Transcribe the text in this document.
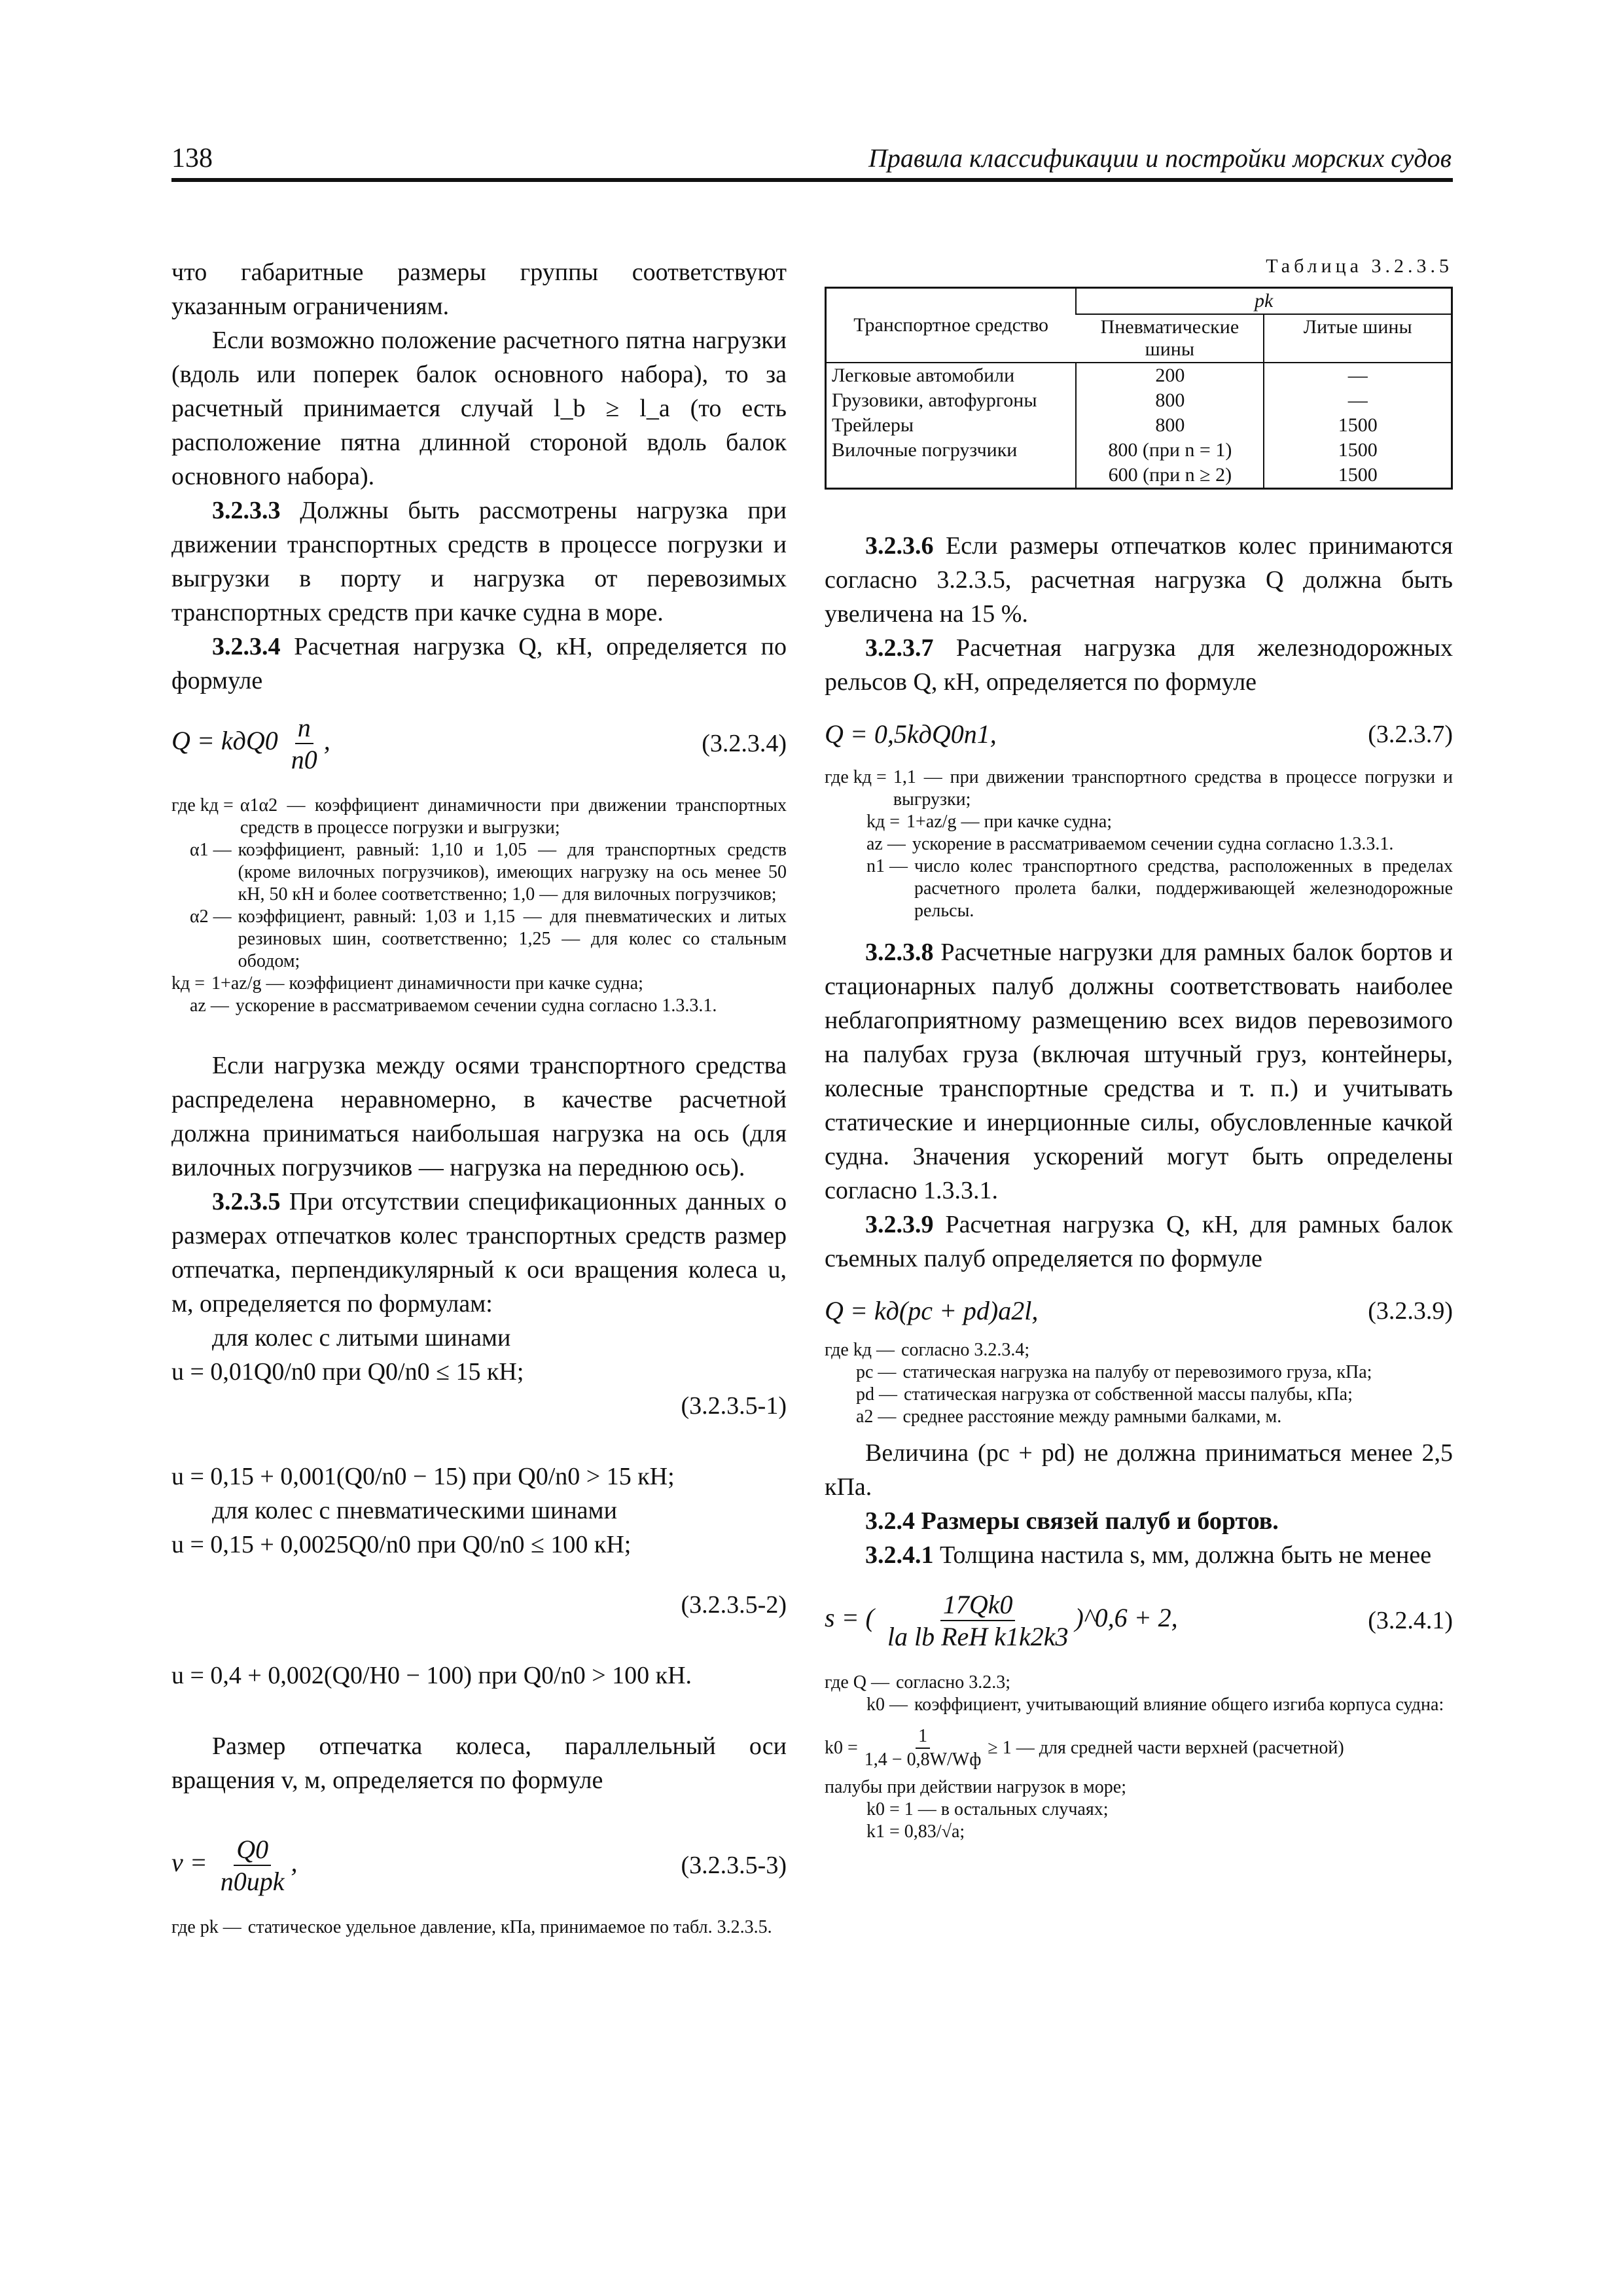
138	Правила классификации и постройки морских судов

что габаритные размеры группы соответствуют указанным ограничениям.

Если возможно положение расчетного пятна нагрузки (вдоль или поперек балок основного набора), то за расчетный принимается случай l_b ≥ l_a (то есть расположение пятна длинной стороной вдоль балок основного набора).

3.2.3.3 Должны быть рассмотрены нагрузка при движении транспортных средств в процессе погрузки и выгрузки в порту и нагрузка от перевозимых транспортных средств при качке судна в море.

3.2.3.4 Расчетная нагрузка Q, кН, определяется по формуле

$Q = kдQ0 \frac{n}{n0}$ ,	(3.2.3.4)
где kд = α1α2 — коэффициент динамичности при движении транспортных средств в процессе погрузки и выгрузки;
α1 — коэффициент, равный: 1,10 и 1,05 — для транспортных средств (кроме вилочных погрузчиков), имеющих нагрузку на ось менее 50 кН, 50 кН и более соответственно; 1,0 — для вилочных погрузчиков;
α2 — коэффициент, равный: 1,03 и 1,15 — для пневматических и литых резиновых шин, соответственно; 1,25 — для колес со стальным ободом;
kд = 1+az/g — коэффициент динамичности при качке судна;
az — ускорение в рассматриваемом сечении судна согласно 1.3.3.1.

Если нагрузка между осями транспортного средства распределена неравномерно, в качестве расчетной должна приниматься наибольшая нагрузка на ось (для вилочных погрузчиков — нагрузка на переднюю ось).

3.2.3.5 При отсутствии спецификационных данных о размерах отпечатков колес транспортных средств размер отпечатка, перпендикулярный к оси вращения колеса u, м, определяется по формулам:

для колес с литыми шинами

u = 0,01Q0/n0 при Q0/n0 ≤ 15 кН;

(3.2.3.5-1)

u = 0,15 + 0,001(Q0/n0 − 15) при Q0/n0 > 15 кН;

для колес с пневматическими шинами

u = 0,15 + 0,0025Q0/n0 при Q0/n0 ≤ 100 кН;

(3.2.3.5-2)

u = 0,4 + 0,002(Q0/H0 − 100) при Q0/n0 > 100 кН.

Размер отпечатка колеса, параллельный оси вращения v, м, определяется по формуле

$v = \frac{Q0}{\text{n0upk}}$ ,	(3.2.3.5-3)
где pk — статическое удельное давление, кПа, принимаемое по табл. 3.2.3.5.
Таблица 3.2.3.5
Транспортное средство	pk	
	Пневматические шины	Литые шины
Легковые автомобили	200	—
Грузовики, автофургоны	800	—
Трейлеры	800	1500
Вилочные погрузчики	800 (при n = 1)	1500
	600 (при n ≥ 2)	1500

3.2.3.6 Если размеры отпечатков колес принимаются согласно 3.2.3.5, расчетная нагрузка Q должна быть увеличена на 15 %.

3.2.3.7 Расчетная нагрузка для железнодорожных рельсов Q, кН, определяется по формуле

Q = 0,5kдQ0n1,	(3.2.3.7)
где kд = 1,1 — при движении транспортного средства в процессе погрузки и выгрузки;
kд = 1+az/g — при качке судна;
az — ускорение в рассматриваемом сечении судна согласно 1.3.3.1.
n1 — число колес транспортного средства, расположенных в пределах расчетного пролета балки, поддерживающей железнодорожные рельсы.

3.2.3.8 Расчетные нагрузки для рамных балок бортов и стационарных палуб должны соответствовать наиболее неблагоприятному размещению всех видов перевозимого на палубах груза (включая штучный груз, контейнеры, колесные транспортные средства и т. п.) и учитывать статические и инерционные силы, обусловленные качкой судна. Значения ускорений могут быть определены согласно 1.3.3.1.

3.2.3.9 Расчетная нагрузка Q, кН, для рамных балок съемных палуб определяется по формуле

Q = kд(pc + pd)a2l,	(3.2.3.9)
где kд — согласно 3.2.3.4;
pc — статическая нагрузка на палубу от перевозимого груза, кПа;
pd — статическая нагрузка от собственной массы палубы, кПа;
a2 — среднее расстояние между рамными балками, м.

Величина (pc + pd) не должна приниматься менее 2,5 кПа.

3.2.4 Размеры связей палуб и бортов.

3.2.4.1 Толщина настила s, мм, должна быть не менее

s = ( $\frac{17Qk0}{\text{la lb ReH k1k2k3}}$ )^0,6 + 2,	(3.2.4.1)
где Q — согласно 3.2.3;
k0 — коэффициент, учитывающий влияние общего изгиба корпуса судна:
$k0 = \frac{1}{1,4 - 0,8W/Wф} \ge 1$ — для средней части верхней (расчетной)

палубы при действии нагрузок в море;

k0 = 1 — в остальных случаях;

k1 = 0,83/√a;
